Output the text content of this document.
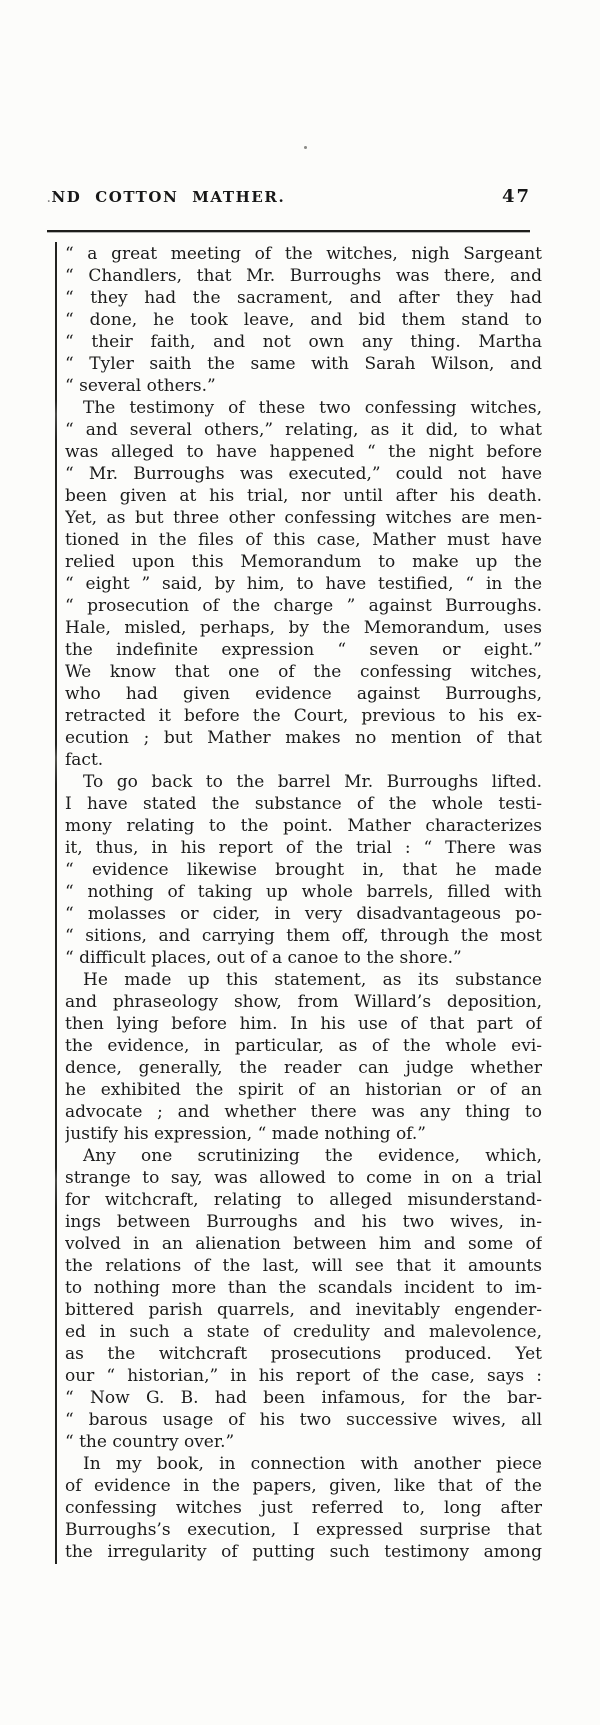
.ND COTTON MATHER.	47
“ a great meeting of the witches, nigh Sargeant
“ Chandlers, that Mr. Burroughs was there, and
“ they had the sacrament, and after they had
“ done, he took leave, and bid them stand to
“ their faith, and not own any thing. Martha
“ Tyler saith the same with Sarah Wilson, and
“ several others.”
The testimony of these two confessing witches,
“ and several others,” relating, as it did, to what
was alleged to have happened “ the night before
“ Mr. Burroughs was executed,” could not have
been given at his trial, nor until after his death.
Yet, as but three other confessing witches are men-
tioned in the files of this case, Mather must have
relied upon this Memorandum to make up the
“ eight ” said, by him, to have testified, “ in the
“ prosecution of the charge ” against Burroughs.
Hale, misled, perhaps, by the Memorandum, uses
the indefinite expression “ seven or eight.”
We know that one of the confessing witches,
who had given evidence against Burroughs,
retracted it before the Court, previous to his ex-
ecution ; but Mather makes no mention of that
fact.
To go back to the barrel Mr. Burroughs lifted.
I have stated the substance of the whole testi-
mony relating to the point. Mather characterizes
it, thus, in his report of the trial : “ There was
“ evidence likewise brought in, that he made
“ nothing of taking up whole barrels, filled with
“ molasses or cider, in very disadvantageous po-
“ sitions, and carrying them off, through the most
“ difficult places, out of a canoe to the shore.”
He made up this statement, as its substance
and phraseology show, from Willard’s deposition,
then lying before him. In his use of that part of
the evidence, in particular, as of the whole evi-
dence, generally, the reader can judge whether
he exhibited the spirit of an historian or of an
advocate ; and whether there was any thing to
justify his expression, “ made nothing of.”
Any one scrutinizing the evidence, which,
strange to say, was allowed to come in on a trial
for witchcraft, relating to alleged misunderstand-
ings between Burroughs and his two wives, in-
volved in an alienation between him and some of
the relations of the last, will see that it amounts
to nothing more than the scandals incident to im-
bittered parish quarrels, and inevitably engender-
ed in such a state of credulity and malevolence,
as the witchcraft prosecutions produced. Yet
our “ historian,” in his report of the case, says :
“ Now G. B. had been infamous, for the bar-
“ barous usage of his two successive wives, all
“ the country over.”
In my book, in connection with another piece
of evidence in the papers, given, like that of the
confessing witches just referred to, long after
Burroughs’s execution, I expressed surprise that
the irregularity of putting such testimony among
